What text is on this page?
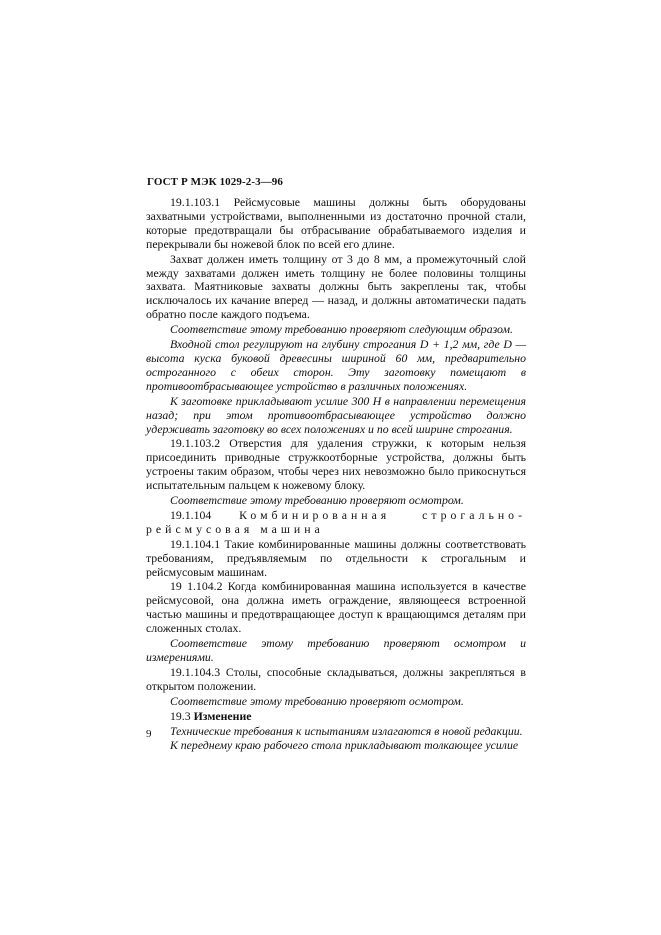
ГОСТ Р МЭК 1029-2-3—96

19.1.103.1 Рейсмусовые машины должны быть оборудованы захватными устройствами, выполненными из достаточно прочной стали, которые предотвращали бы отбрасывание обрабатываемого изделия и перекрывали бы ножевой блок по всей его длине.

Захват должен иметь толщину от 3 до 8 мм, а промежуточный слой между захватами должен иметь толщину не более половины толщины захвата. Маятниковые захваты должны быть закреплены так, чтобы исключалось их качание вперед — назад, и должны автоматически падать обратно после каждого подъема.

Соответствие этому требованию проверяют следующим образом.

Входной стол регулируют на глубину строгания D + 1,2 мм, где D — высота куска буковой древесины шириной 60 мм, предварительно остроганного с обеих сторон. Эту заготовку помещают в противоотбрасывающее устройство в различных положениях.

К заготовке прикладывают усилие 300 Н в направлении перемещения назад; при этом противоотбрасывающее устройство должно удерживать заготовку во всех положениях и по всей ширине строгания.

19.1.103.2 Отверстия для удаления стружки, к которым нельзя присоединить приводные стружкоотборные устройства, должны быть устроены таким образом, чтобы через них невозможно было прикоснуться испытательным пальцем к ножевому блоку.

Соответствие этому требованию проверяют осмотром.

19.1.104 Комбинированная строгально-рейсмусовая машина

19.1.104.1 Такие комбинированные машины должны соответствовать требованиям, предъявляемым по отдельности к строгальным и рейсмусовым машинам.

19 1.104.2 Когда комбинированная машина используется в качестве рейсмусовой, она должна иметь ограждение, являющееся встроенной частью машины и предотвращающее доступ к вращающимся деталям при сложенных столах.

Соответствие этому требованию проверяют осмотром и измерениями.

19.1.104.3 Столы, способные складываться, должны закрепляться в открытом положении.

Соответствие этому требованию проверяют осмотром.

19.3 Изменение

Технические требования к испытаниям излагаются в новой редакции.

К переднему краю рабочего стола прикладывают толкающее усилие

9
